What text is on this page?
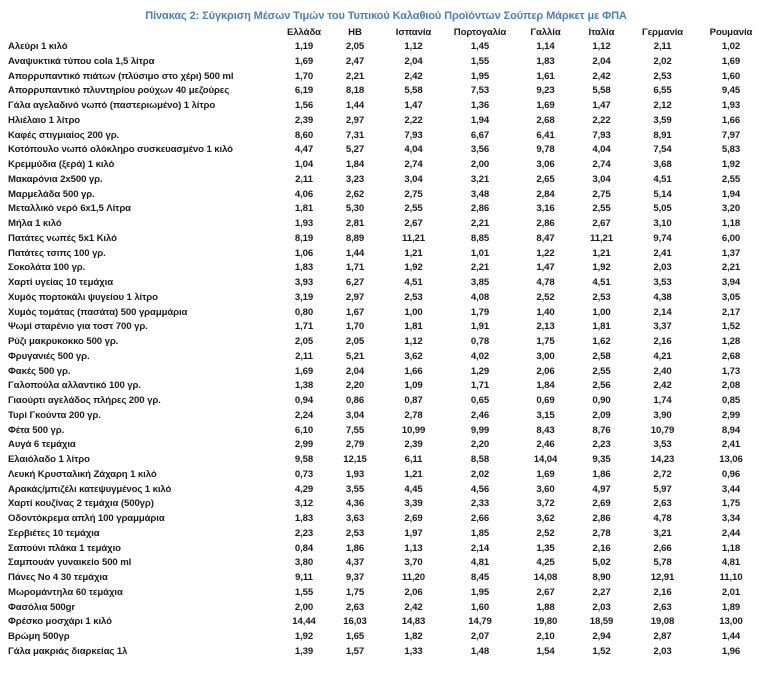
Πίνακας 2: Σύγκριση Μέσων Τιμών του Τυπικού Καλαθιού Προϊόντων Σούπερ Μάρκετ με ΦΠΑ
	Ελλάδα	ΗΒ	Ισπανία	Πορτογαλία	Γαλλία	Ιταλία	Γερμανία	Ρουμανία
Αλεύρι 1 κιλό	1,19	2,05	1,12	1,45	1,14	1,12	2,11	1,02
Αναψυκτικά τύπου cola 1,5 λίτρα	1,69	2,47	2,04	1,55	1,83	2,04	2,02	1,69
Απορρυπαντικό πιάτων (πλύσιμο στο χέρι) 500 ml	1,70	2,21	2,42	1,95	1,61	2,42	2,53	1,60
Απορρυπαντικό πλυντηρίου ρούχων 40 μεζούρες	6,19	8,18	5,58	7,53	9,23	5,58	6,55	9,45
Γάλα αγελαδινό νωπό (παστεριωμένο) 1 λίτρο	1,56	1,44	1,47	1,36	1,69	1,47	2,12	1,93
Ηλιέλαιο 1 λίτρο	2,39	2,97	2,22	1,94	2,68	2,22	3,59	1,66
Καφές στιγμιαίος 200 γρ.	8,60	7,31	7,93	6,67	6,41	7,93	8,91	7,97
Κοτόπουλο νωπό ολόκληρο συσκευασμένο 1 κιλό	4,47	5,27	4,04	3,56	9,78	4,04	7,54	5,83
Κρεμμύδια (ξερά) 1 κιλό	1,04	1,84	2,74	2,00	3,06	2,74	3,68	1,92
Μακαρόνια 2x500 γρ.	2,11	3,23	3,04	3,21	2,65	3,04	4,51	2,55
Μαρμελάδα 500 γρ.	4,06	2,62	2,75	3,48	2,84	2,75	5,14	1,94
Μεταλλικό νερό 6x1,5 Λίτρα	1,81	5,30	2,55	2,86	3,16	2,55	5,05	3,20
Μήλα 1 κιλό	1,93	2,81	2,67	2,21	2,86	2,67	3,10	1,18
Πατάτες νωπές 5x1 Κιλό	8,19	8,89	11,21	8,85	8,47	11,21	9,74	6,00
Πατάτες τσιπς 100 γρ.	1,06	1,44	1,21	1,01	1,22	1,21	2,41	1,37
Σοκολάτα 100 γρ.	1,83	1,71	1,92	2,21	1,47	1,92	2,03	2,21
Χαρτί υγείας 10 τεμάχια	3,93	6,27	4,51	3,85	4,78	4,51	3,53	3,94
Χυμός πορτοκάλι ψυγείου 1 λίτρο	3,19	2,97	2,53	4,08	2,52	2,53	4,38	3,05
Χυμός τομάτας (πασάτα) 500 γραμμάρια	0,80	1,67	1,00	1,79	1,40	1,00	2,14	2,17
Ψωμί σταρένιο για τοστ 700 γρ.	1,71	1,70	1,81	1,91	2,13	1,81	3,37	1,52
Ρύζι μακρυκοκκο 500 γρ.	2,05	2,05	1,12	0,78	1,75	1,62	2,16	1,28
Φρυγανιές 500 γρ.	2,11	5,21	3,62	4,02	3,00	2,58	4,21	2,68
Φακές 500 γρ.	1,69	2,04	1,66	1,29	2,06	2,55	2,40	1,73
Γαλοπούλα αλλαντικό 100 γρ.	1,38	2,20	1,09	1,71	1,84	2,56	2,42	2,08
Γιαούρτι αγελάδος πλήρες 200 γρ.	0,94	0,86	0,87	0,65	0,69	0,90	1,74	0,85
Τυρί Γκούντα 200 γρ.	2,24	3,04	2,78	2,46	3,15	2,09	3,90	2,99
Φέτα 500 γρ.	6,10	7,55	10,99	9,99	8,43	8,76	10,79	8,94
Αυγά 6 τεμάχια	2,99	2,79	2,39	2,20	2,46	2,23	3,53	2,41
Ελαιόλαδο 1 λίτρο	9,58	12,15	6,11	8,58	14,04	9,35	14,23	13,06
Λευκή Κρυσταλική Ζάχαρη 1 κιλό	0,73	1,93	1,21	2,02	1,69	1,86	2,72	0,96
Αρακάς/μπιζέλι κατεψυγμένος 1 κιλό	4,29	3,55	4,45	4,56	3,60	4,97	5,97	3,44
Χαρτί κουζίνας 2 τεμάχια (500γρ)	3,12	4,36	3,39	2,33	3,72	2,69	2,63	1,75
Οδοντόκρεμα απλή 100 γραμμάρια	1,83	3,63	2,69	2,66	3,62	2,86	4,78	3,34
Σερβιέτες 10 τεμάχια	2,23	2,53	1,97	1,85	2,52	2,78	3,21	2,44
Σαπούνι πλάκα 1 τεμάχιο	0,84	1,86	1,13	2,14	1,35	2,16	2,66	1,18
Σαμπουάν γυναικείο 500 ml	3,80	4,37	3,70	4,81	4,25	5,02	5,78	4,81
Πάνες No 4 30 τεμάχια	9,11	9,37	11,20	8,45	14,08	8,90	12,91	11,10
Μωρομάντηλα 60 τεμάχια	1,55	1,75	2,06	1,95	2,67	2,27	2,16	2,01
Φασόλια 500gr	2,00	2,63	2,42	1,60	1,88	2,03	2,63	1,89
Φρέσκο μοσχάρι 1 κιλό	14,44	16,03	14,83	14,79	19,80	18,59	19,08	13,00
Βρώμη 500γρ	1,92	1,65	1,82	2,07	2,10	2,94	2,87	1,44
Γάλα μακριάς διαρκείας 1λ	1,39	1,57	1,33	1,48	1,54	1,52	2,03	1,96
